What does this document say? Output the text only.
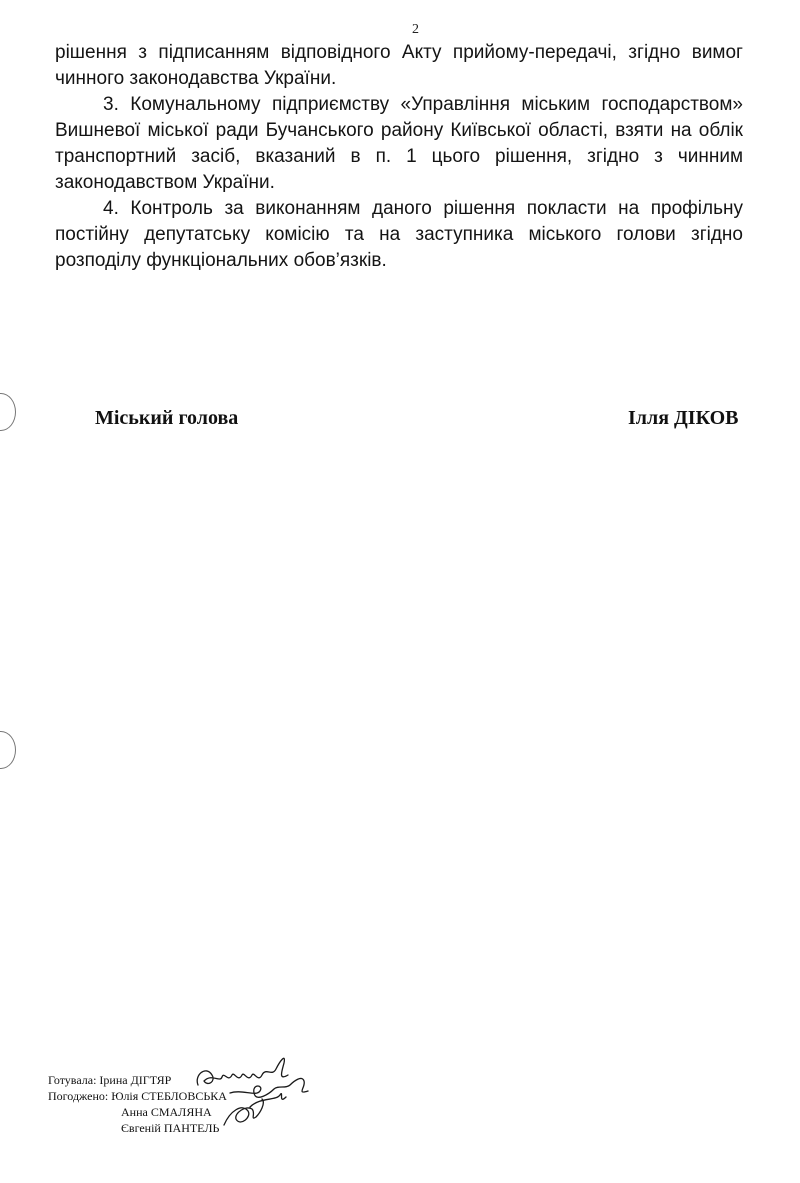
2

рішення з підписанням відповідного Акту прийому-передачі, згідно вимог чинного законодавства України.

3. Комунальному підприємству «Управління міським господарством» Вишневої міської ради Бучанського району Київської області, взяти на облік транспортний засіб, вказаний в п. 1 цього рішення, згідно з чинним законодавством України.

4. Контроль за виконанням даного рішення покласти на профільну постійну депутатську комісію та на заступника міського голови згідно розподілу функціональних обов’язків.

Міський голова	Ілля ДІКОВ
Готувала: Ірина ДІГТЯР
Погоджено: Юлія СТЕБЛОВСЬКА
Анна СМАЛЯНА
Євгеній ПАНТЕЛЬ
